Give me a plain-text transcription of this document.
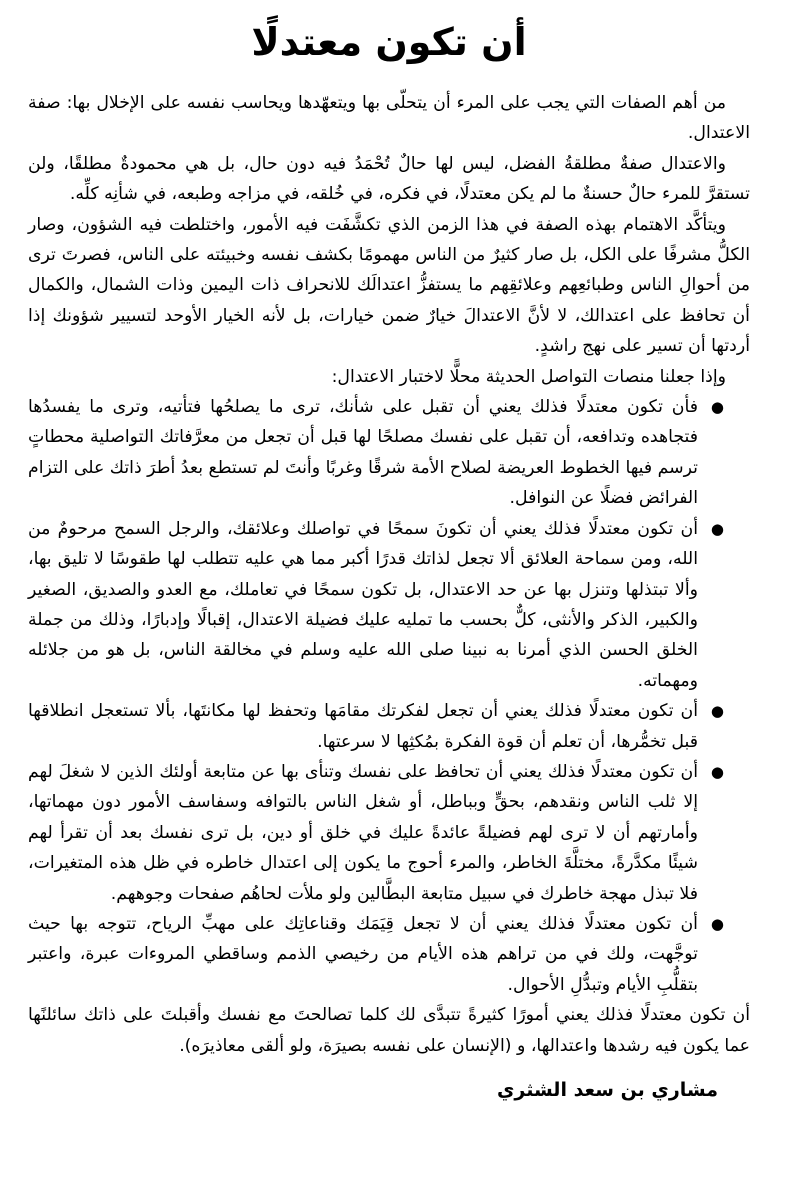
أن تكون معتدلًا

من أهم الصفات التي يجب على المرء أن يتحلّى بها ويتعهّدها ويحاسب نفسه على الإخلال بها: صفة الاعتدال.

والاعتدال صفةٌ مطلقةُ الفضل، ليس لها حالٌ تُحْمَدُ فيه دون حال، بل هي محمودةٌ مطلقًا، ولن تستقرَّ للمرء حالٌ حسنةٌ ما لم يكن معتدلًا، في فكره، في خُلقه، في مزاجه وطبعه، في شأنِه كلِّه.

ويتأكَّد الاهتمام بهذه الصفة في هذا الزمن الذي تكشَّفَت فيه الأمور، واختلطت فيه الشؤون، وصار الكلُّ مشرفًا على الكل، بل صار كثيرٌ من الناس مهمومًا بكشف نفسه وخبيئته على الناس، فصرتَ ترى من أحوالِ الناس وطبائعِهم وعلائقِهم ما يستفزُّ اعتدالَك للانحراف ذات اليمين وذات الشمال، والكمال أن تحافظ على اعتدالك، لا لأنَّ الاعتدالَ خيارٌ ضمن خيارات، بل لأنه الخيار الأوحد لتسيير شؤونك إذا أردتها أن تسير على نهج راشدٍ.

وإذا جعلنا منصات التواصل الحديثة محلًّا لاختبار الاعتدال:

●
فأن تكون معتدلًا فذلك يعني أن تقبل على شأنك، ترى ما يصلحُها فتأتيه، وترى ما يفسدُها فتجاهده وتدافعه، أن تقبل على نفسك مصلحًا لها قبل أن تجعل من معرَّفاتك التواصلية محطاتٍ ترسم فيها الخطوط العريضة لصلاح الأمة شرقًا وغربًا وأنتَ لم تستطع بعدُ أطرَ ذاتك على التزام الفرائض فضلًا عن النوافل.
●
أن تكون معتدلًا فذلك يعني أن تكونَ سمحًا في تواصلك وعلائقك، والرجل السمح مرحومٌ من الله، ومن سماحة العلائق ألا تجعل لذاتك قدرًا أكبر مما هي عليه تتطلب لها طقوسًا لا تليق بها، وألا تبتذلها وتنزل بها عن حد الاعتدال، بل تكون سمحًا في تعاملك، مع العدو والصديق، الصغير والكبير، الذكر والأنثى، كلٌّ بحسب ما تمليه عليك فضيلة الاعتدال، إقبالًا وإدبارًا، وذلك من جملة الخلق الحسن الذي أمرنا به نبينا صلى الله عليه وسلم في مخالقة الناس، بل هو من جلائله ومهماته.
●
أن تكون معتدلًا فذلك يعني أن تجعل لفكرتك مقامَها وتحفظ لها مكانتَها، بألا تستعجل انطلاقها قبل تخمُّرها، أن تعلم أن قوة الفكرة بمُكثِها لا سرعتها.
●
أن تكون معتدلًا فذلك يعني أن تحافظ على نفسك وتنأى بها عن متابعة أولئك الذين لا شغلَ لهم إلا ثلب الناس ونقدهم، بحقٍّ وبباطل، أو شغل الناس بالتوافه وسفاسف الأمور دون مهماتها، وأمارتهم أن لا ترى لهم فضيلةً عائدةً عليك في خلق أو دين، بل ترى نفسك بعد أن تقرأ لهم شيئًا مكدَّرةً، مختلَّةَ الخاطر، والمرء أحوج ما يكون إلى اعتدال خاطره في ظل هذه المتغيرات، فلا تبذل مهجة خاطرك في سبيل متابعة البطَّالين ولو ملأت لحاهُم صفحات وجوههم.
●
أن تكون معتدلًا فذلك يعني أن لا تجعل قِيَمَك وقناعاتِك على مهبِّ الرياح، تتوجه بها حيث توجَّهت، ولك في من تراهم هذه الأيام من رخيصي الذمم وساقطي المروءات عبرة، واعتبر بتقلُّبِ الأيام وتبدُّلِ الأحوال.

أن تكون معتدلًا فذلك يعني أمورًا كثيرةً تتبدَّى لك كلما تصالحتَ مع نفسك وأقبلتَ على ذاتك سائلنًها عما يكون فيه رشدها واعتدالها، و (الإنسان على نفسه بصيرَة، ولو ألقى معاذيرَه).

مشاري بن سعد الشثري
